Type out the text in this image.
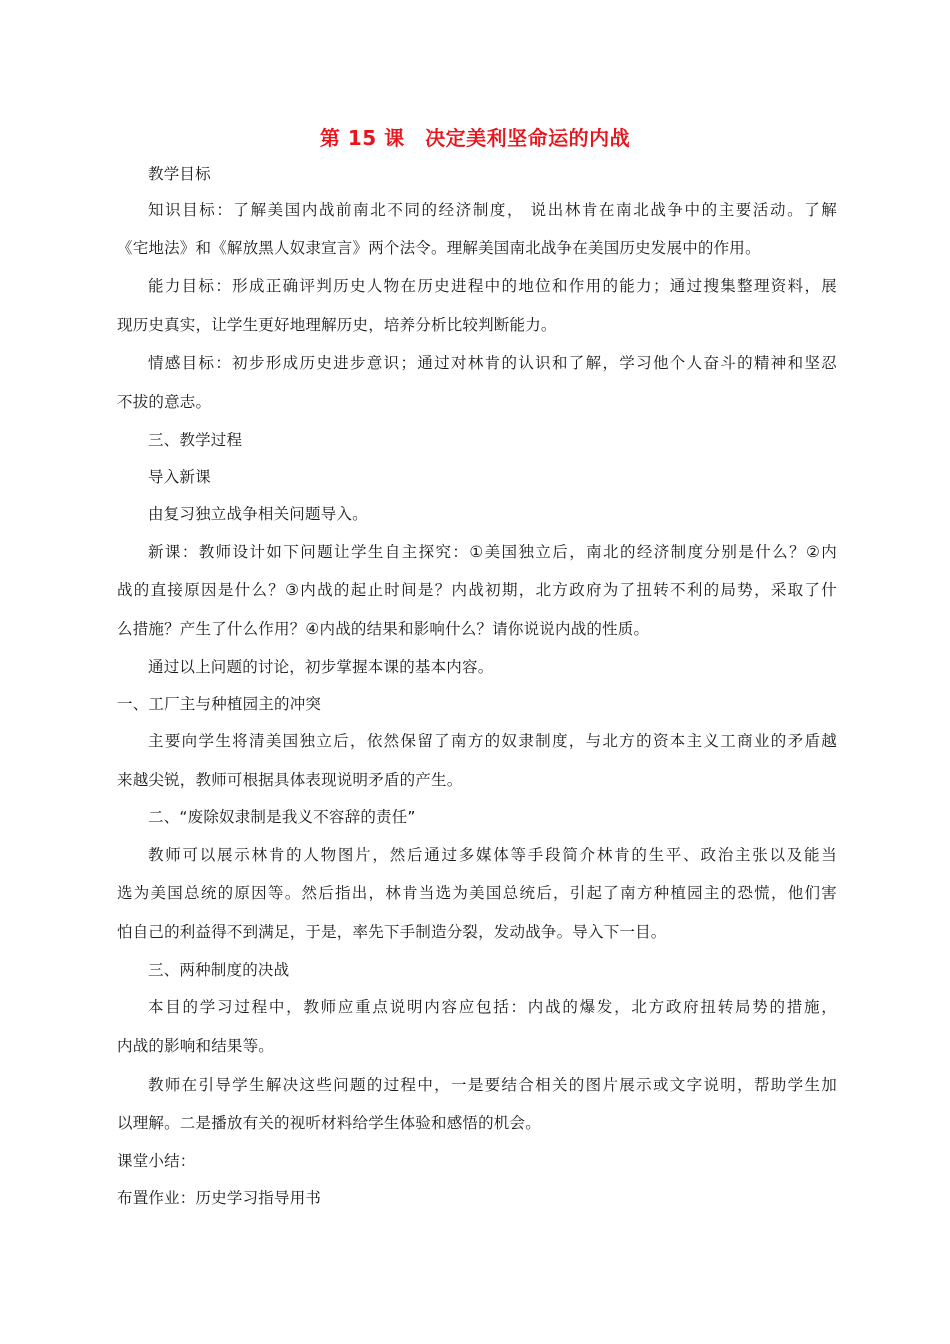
第 15 课　决定美利坚命运的内战
教学目标
知识目标：了解美国内战前南北不同的经济制度， 说出林肯在南北战争中的主要活动。了解
《宅地法》和《解放黑人奴隶宣言》两个法令。理解美国南北战争在美国历史发展中的作用。
能力目标：形成正确评判历史人物在历史进程中的地位和作用的能力；通过搜集整理资料，展
现历史真实，让学生更好地理解历史，培养分析比较判断能力。
情感目标：初步形成历史进步意识；通过对林肯的认识和了解，学习他个人奋斗的精神和坚忍
不拔的意志。
三、教学过程
导入新课
由复习独立战争相关问题导入。
新课：教师设计如下问题让学生自主探究：①美国独立后，南北的经济制度分别是什么？②内
战的直接原因是什么？③内战的起止时间是？内战初期，北方政府为了扭转不利的局势，采取了什
么措施？产生了什么作用？④内战的结果和影响什么？请你说说内战的性质。
通过以上问题的讨论，初步掌握本课的基本内容。
一、工厂主与种植园主的冲突
主要向学生将清美国独立后，依然保留了南方的奴隶制度，与北方的资本主义工商业的矛盾越
来越尖锐，教师可根据具体表现说明矛盾的产生。
二、“废除奴隶制是我义不容辞的责任”
教师可以展示林肯的人物图片，然后通过多媒体等手段简介林肯的生平、政治主张以及能当
选为美国总统的原因等。然后指出，林肯当选为美国总统后，引起了南方种植园主的恐慌，他们害
怕自己的利益得不到满足，于是，率先下手制造分裂，发动战争。导入下一目。
三、两种制度的决战
本目的学习过程中，教师应重点说明内容应包括：内战的爆发，北方政府扭转局势的措施，
内战的影响和结果等。
教师在引导学生解决这些问题的过程中，一是要结合相关的图片展示或文字说明，帮助学生加
以理解。二是播放有关的视听材料给学生体验和感悟的机会。
课堂小结：
布置作业：历史学习指导用书
